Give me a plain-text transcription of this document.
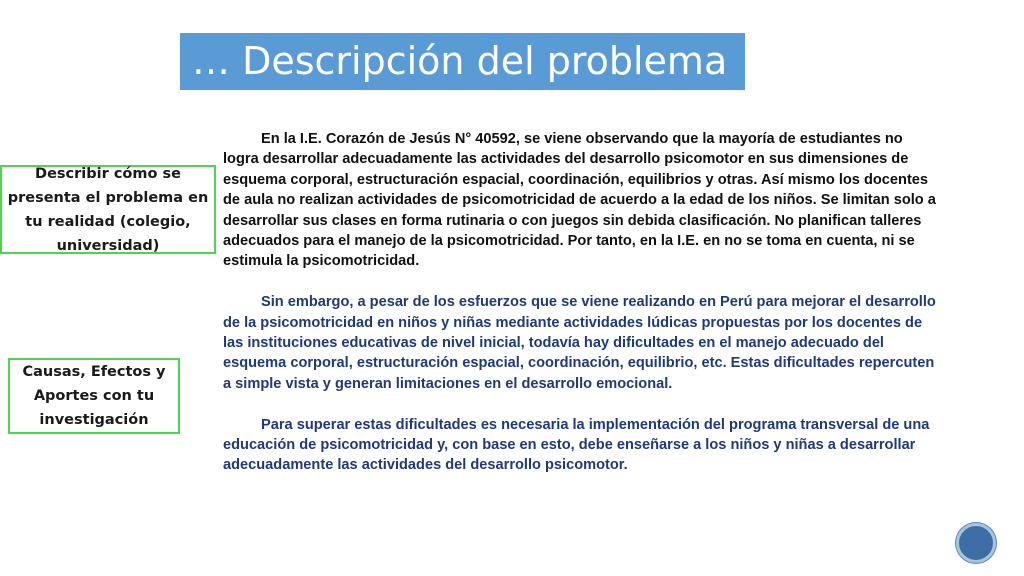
… Descripción del problema
Describir cómo se presenta el problema en tu realidad (colegio, universidad)
Causas, Efectos y Aportes con tu investigación

En la I.E. Corazón de Jesús N° 40592, se viene observando que la mayoría de estudiantes no logra desarrollar adecuadamente las actividades del desarrollo psicomotor en sus dimensiones de esquema corporal, estructuración espacial, coordinación, equilibrios y otras. Así mismo los docentes de aula no realizan actividades de psicomotricidad de acuerdo a la edad de los niños. Se limitan solo a desarrollar sus clases en forma rutinaria o con juegos sin debida clasificación. No planifican talleres adecuados para el manejo de la psicomotricidad. Por tanto, en la I.E. en no se toma en cuenta, ni se estimula la psicomotricidad.

Sin embargo, a pesar de los esfuerzos que se viene realizando en Perú para mejorar el desarrollo de la psicomotricidad en niños y niñas mediante actividades lúdicas propuestas por los docentes de las instituciones educativas de nivel inicial, todavía hay dificultades en el manejo adecuado del esquema corporal, estructuración espacial, coordinación, equilibrio, etc. Estas dificultades repercuten a simple vista y generan limitaciones en el desarrollo emocional.

Para superar estas dificultades es necesaria la implementación del programa transversal de una educación de psicomotricidad y, con base en esto, debe enseñarse a los niños y niñas a desarrollar adecuadamente las actividades del desarrollo psicomotor.
